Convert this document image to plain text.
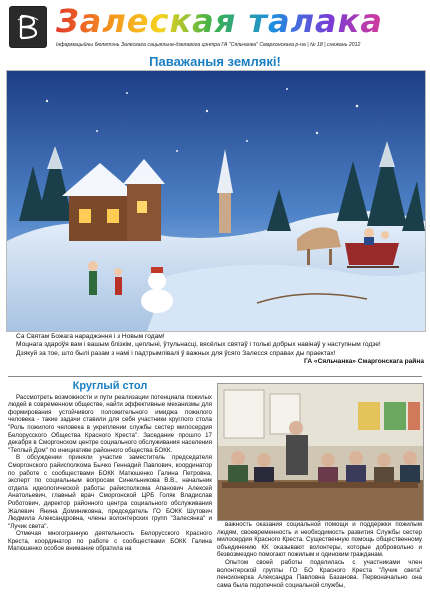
Залеская талака
Інфармацыйны бюлетэнь Залескага сацыяльна-дзелавога цэнтра ГА "Сяльчанка" Смаргонскага р-на | № 18 | снежань 2012
Паважаныя землякі!

Са Святам Божага нараджэння і з Новым годам!

Моцнага здароўя вам і вашым блізкім, цеплыні, ўтульнасці, вясёлых святаў і толькі добрых навінаў у наступным годзе!

Дзякуй за тое, што былі разам з намі і падтрымлівалі ў важных для ўсяго Залесся справах ды праектах!

ГА «Сяльчанка» Смаргонскага райна

Круглый стол

Рассмотреть возможности и пути реализации потенциала пожилых людей в современном обществе, найти эффективные механизмы для формирования устойчивого положительного имиджа пожилого человека - такие задачи ставили для себя участники круглого стола "Роль пожилого человека в укреплении службы сестер милосердия Белорусского Общества Красного Креста". Заседание прошло 17 декабря в Сморгонском центре социального обслуживания населения "Теплый Дом" по инициативе районного общества БОКК.

В обсуждении приняли участие заместитель председателя Сморгонского райисполкома Бычко Геннадий Павлович, координатор по работе с сообществами БОКК Матюшенко Галина Петровна, эксперт по социальным вопросам Синельникова В.В., начальник отдела идеологической работы райисполкома Апанович Алексей Анатольевич, главный врач Сморгонской ЦРБ Голяк Владислав Роботович, директор районного центра социального обслуживания Жалевич Янина Доминиковна, председатель ГО БОКК Шутович Людмила Александровна, члены волонтерских групп "Залесянка" и "Лучик света".

Отмечая многогранную деятельность Белорусского Красного Креста, координатор по работе с сообществами БОКК Галина Матюшенко особое внимание обратила на

важность оказания социальной помощи и поддержки пожилым людям, своевременность и необходимость развития Службы сестер милосердия Красного Креста. Существенную помощь общественному объединению КК оказывают волонтеры, которые добровольно и безвозмездно помогают пожилым и одиноким гражданам.

Опытом своей работы поделилась с участниками член волонтерской группы ГО БО Красного Креста "Лучик света" пенсионерка Александра Павловна Базанова. Первоначально она сама была подопечной социальной службы,
